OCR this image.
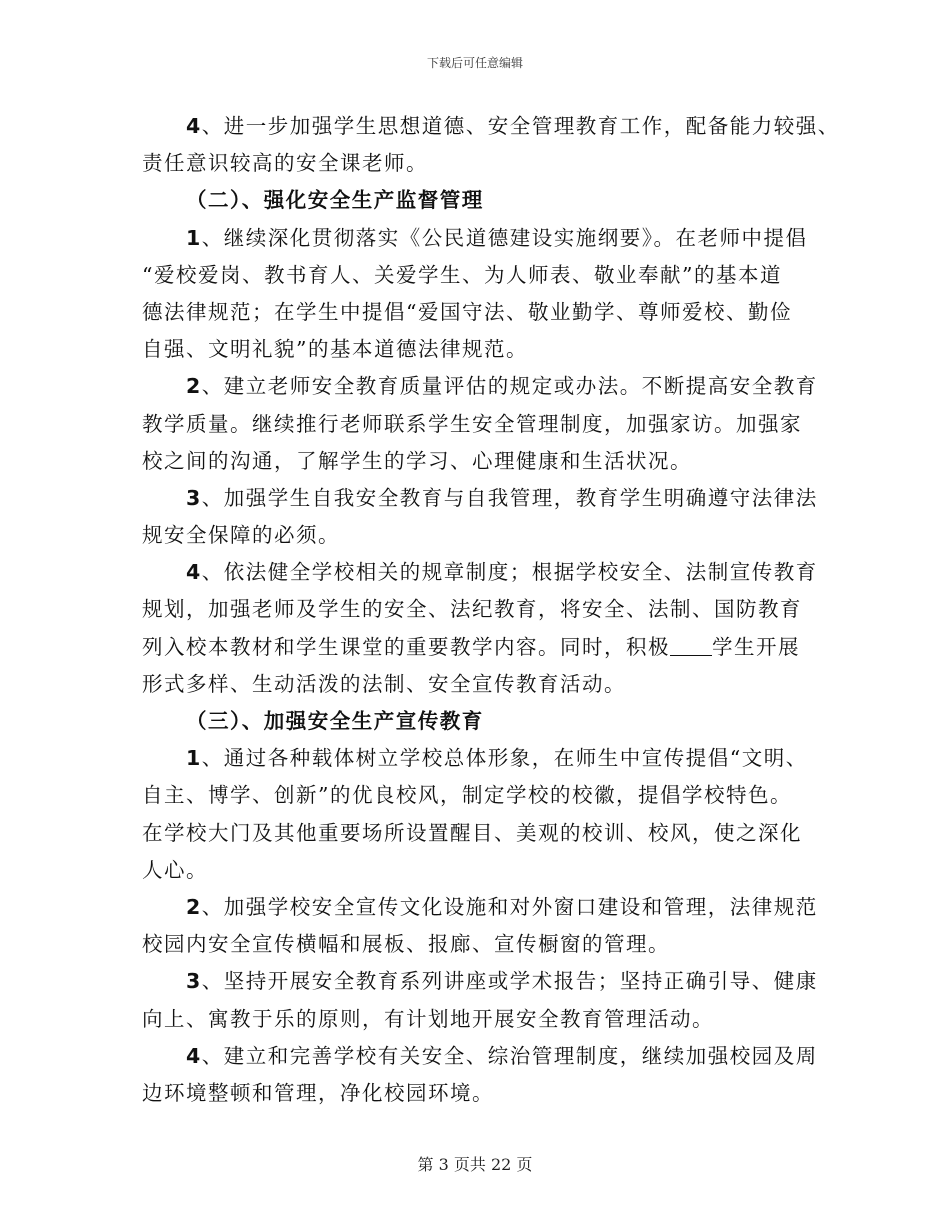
下载后可任意编辑
4、进一步加强学生思想道德、安全管理教育工作，配备能力较强、
责任意识较高的安全课老师。
（二）、强化安全生产监督管理
1、继续深化贯彻落实《公民道德建设实施纲要》。在老师中提倡
“爱校爱岗、教书育人、关爱学生、为人师表、敬业奉献”的基本道
德法律规范；在学生中提倡“爱国守法、敬业勤学、尊师爱校、勤俭
自强、文明礼貌”的基本道德法律规范。
2、建立老师安全教育质量评估的规定或办法。不断提高安全教育
教学质量。继续推行老师联系学生安全管理制度，加强家访。加强家
校之间的沟通，了解学生的学习、心理健康和生活状况。
3、加强学生自我安全教育与自我管理，教育学生明确遵守法律法
规安全保障的必须。
4、依法健全学校相关的规章制度；根据学校安全、法制宣传教育
规划，加强老师及学生的安全、法纪教育，将安全、法制、国防教育
列入校本教材和学生课堂的重要教学内容。同时，积极 学生开展
形式多样、生动活泼的法制、安全宣传教育活动。
（三）、加强安全生产宣传教育
1、通过各种载体树立学校总体形象，在师生中宣传提倡“文明、
自主、博学、创新”的优良校风，制定学校的校徽，提倡学校特色。
在学校大门及其他重要场所设置醒目、美观的校训、校风，使之深化
人心。
2、加强学校安全宣传文化设施和对外窗口建设和管理，法律规范
校园内安全宣传横幅和展板、报廊、宣传橱窗的管理。
3、坚持开展安全教育系列讲座或学术报告；坚持正确引导、健康
向上、寓教于乐的原则，有计划地开展安全教育管理活动。
4、建立和完善学校有关安全、综治管理制度，继续加强校园及周
边环境整顿和管理，净化校园环境。
第 3 页共 22 页
